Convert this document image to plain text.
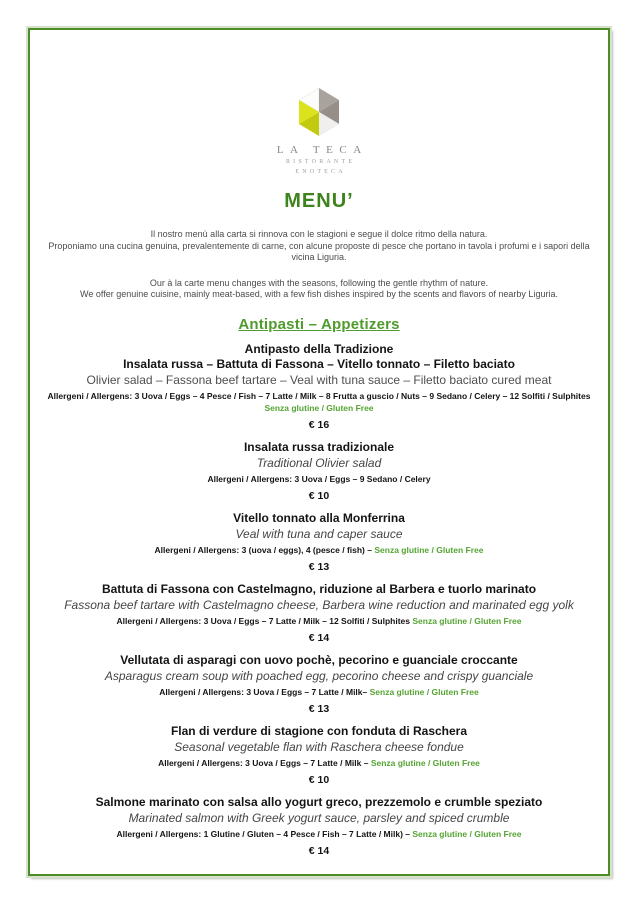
LA TECA
RISTORANTE
ENOTECA
MENU’
Il nostro menù alla carta si rinnova con le stagioni e segue il dolce ritmo della natura.
Proponiamo una cucina genuina, prevalentemente di carne, con alcune proposte di pesce che portano in tavola i profumi e i sapori della vicina Liguria.
Our à la carte menu changes with the seasons, following the gentle rhythm of nature.
We offer genuine cuisine, mainly meat-based, with a few fish dishes inspired by the scents and flavors of nearby Liguria.
Antipasti – Appetizers
Antipasto della Tradizione
Insalata russa – Battuta di Fassona – Vitello tonnato – Filetto baciato
Olivier salad – Fassona beef tartare – Veal with tuna sauce – Filetto baciato cured meat
Allergeni / Allergens: 3 Uova / Eggs – 4 Pesce / Fish – 7 Latte / Milk – 8 Frutta a guscio / Nuts – 9 Sedano / Celery – 12 Solfiti / Sulphites
Senza glutine / Gluten Free
€ 16
Insalata russa tradizionale
Traditional Olivier salad
Allergeni / Allergens: 3 Uova / Eggs – 9 Sedano / Celery
€ 10
Vitello tonnato alla Monferrina
Veal with tuna and caper sauce
Allergeni / Allergens: 3 (uova / eggs), 4 (pesce / fish) – Senza glutine / Gluten Free
€ 13
Battuta di Fassona con Castelmagno, riduzione al Barbera e tuorlo marinato
Fassona beef tartare with Castelmagno cheese, Barbera wine reduction and marinated egg yolk
Allergeni / Allergens: 3 Uova / Eggs – 7 Latte / Milk – 12 Solfiti / Sulphites Senza glutine / Gluten Free
€ 14
Vellutata di asparagi con uovo pochè, pecorino e guanciale croccante
Asparagus cream soup with poached egg, pecorino cheese and crispy guanciale
Allergeni / Allergens: 3 Uova / Eggs – 7 Latte / Milk– Senza glutine / Gluten Free
€ 13
Flan di verdure di stagione con fonduta di Raschera
Seasonal vegetable flan with Raschera cheese fondue
Allergeni / Allergens: 3 Uova / Eggs – 7 Latte / Milk – Senza glutine / Gluten Free
€ 10
Salmone marinato con salsa allo yogurt greco, prezzemolo e crumble speziato
Marinated salmon with Greek yogurt sauce, parsley and spiced crumble
Allergeni / Allergens: 1 Glutine / Gluten – 4 Pesce / Fish – 7 Latte / Milk) – Senza glutine / Gluten Free
€ 14
